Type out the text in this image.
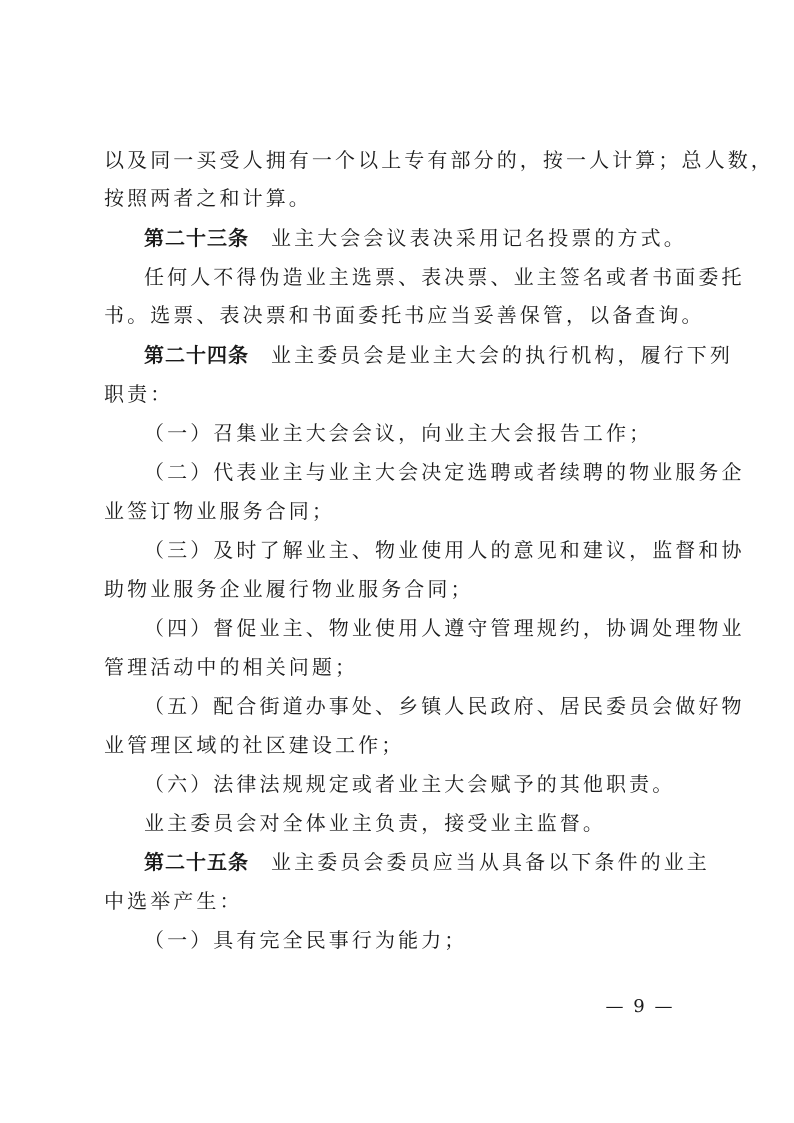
以及同一买受人拥有一个以上专有部分的，按一人计算；总人数，
按照两者之和计算。
第二十三条 业主大会会议表决采用记名投票的方式。
任何人不得伪造业主选票、表决票、业主签名或者书面委托
书。选票、表决票和书面委托书应当妥善保管，以备查询。
第二十四条 业主委员会是业主大会的执行机构，履行下列
职责：
（一）召集业主大会会议，向业主大会报告工作；
（二）代表业主与业主大会决定选聘或者续聘的物业服务企
业签订物业服务合同；
（三）及时了解业主、物业使用人的意见和建议，监督和协
助物业服务企业履行物业服务合同；
（四）督促业主、物业使用人遵守管理规约，协调处理物业
管理活动中的相关问题；
（五）配合街道办事处、乡镇人民政府、居民委员会做好物
业管理区域的社区建设工作；
（六）法律法规规定或者业主大会赋予的其他职责。
业主委员会对全体业主负责，接受业主监督。
第二十五条 业主委员会委员应当从具备以下条件的业主
中选举产生：
（一）具有完全民事行为能力；
— 9 —
